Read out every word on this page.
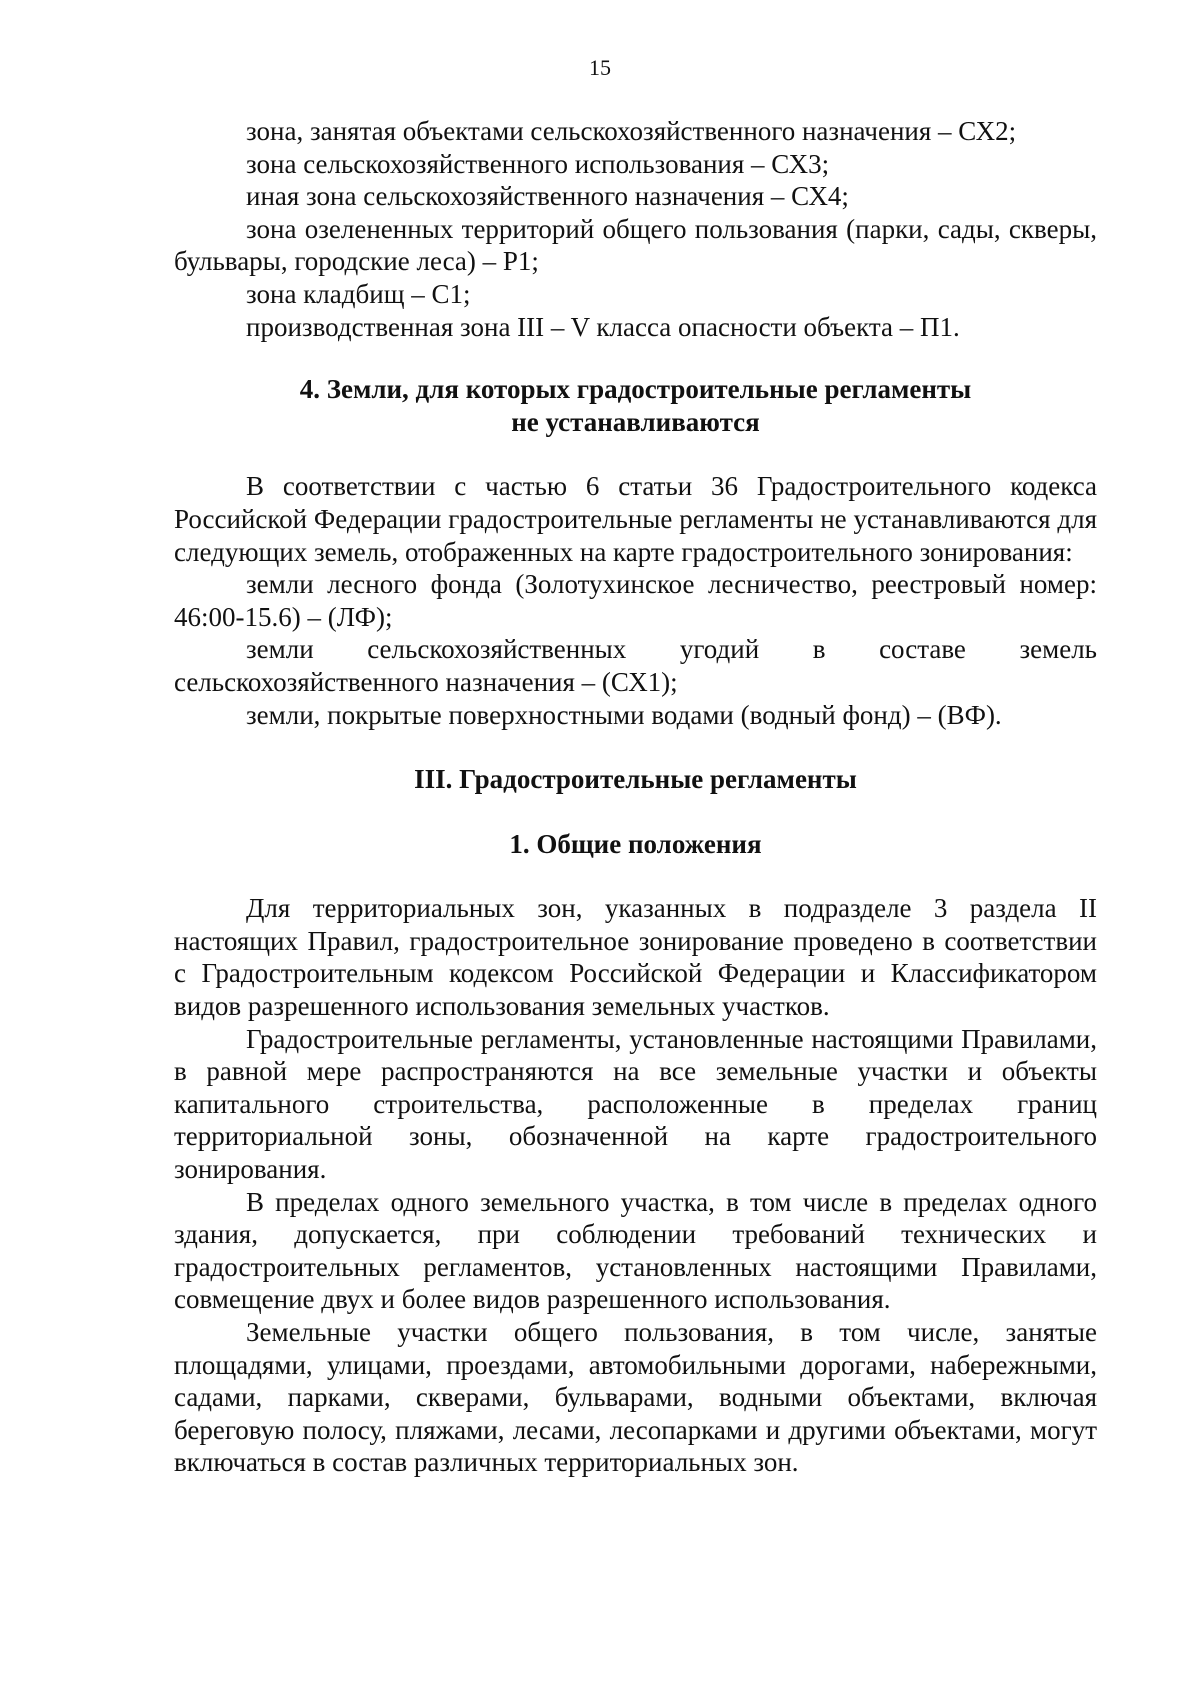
15

зона, занятая объектами сельскохозяйственного назначения – СХ2;

зона сельскохозяйственного использования – СХ3;

иная зона сельскохозяйственного назначения – СХ4;

зона озелененных территорий общего пользования (парки, сады, скверы, бульвары, городские леса) – Р1;

зона кладбищ – С1;

производственная зона III – V класса опасности объекта – П1.

4. Земли, для которых градостроительные регламенты

не устанавливаются

В соответствии с частью 6 статьи 36 Градостроительного кодекса Российской Федерации градостроительные регламенты не устанавливаются для следующих земель, отображенных на карте градостроительного зонирования:

земли лесного фонда (Золотухинское лесничество, реестровый номер: 46:00-15.6) – (ЛФ);

земли сельскохозяйственных угодий в составе земель сельскохозяйственного назначения – (СХ1);

земли, покрытые поверхностными водами (водный фонд) – (ВФ).

III. Градостроительные регламенты

1. Общие положения

Для территориальных зон, указанных в подразделе 3 раздела II настоящих Правил, градостроительное зонирование проведено в соответствии с Градостроительным кодексом Российской Федерации и Классификатором видов разрешенного использования земельных участков.

Градостроительные регламенты, установленные настоящими Правилами, в равной мере распространяются на все земельные участки и объекты капитального строительства, расположенные в пределах границ территориальной зоны, обозначенной на карте градостроительного зонирования.

В пределах одного земельного участка, в том числе в пределах одного здания, допускается, при соблюдении требований технических и градостроительных регламентов, установленных настоящими Правилами, совмещение двух и более видов разрешенного использования.

Земельные участки общего пользования, в том числе, занятые площадями, улицами, проездами, автомобильными дорогами, набережными, садами, парками, скверами, бульварами, водными объектами, включая береговую полосу, пляжами, лесами, лесопарками и другими объектами, могут включаться в состав различных территориальных зон.
